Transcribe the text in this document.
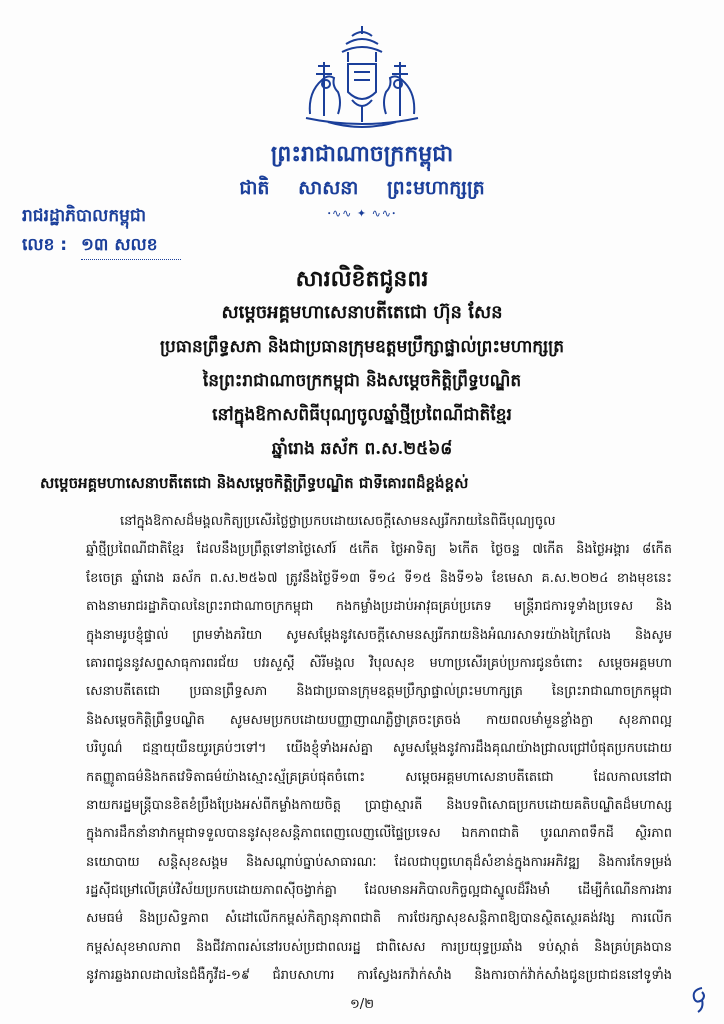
ព្រះរាជាណាចក្រកម្ពុជា
ជាតិ សាសនា ព្រះមហាក្សត្រ
ꞏ∿∿ ✦ ∿∿ꞏ
រាជរដ្ឋាភិបាលកម្ពុជា
លេខ : ១៣ សលខ
សារលិខិតជូនពរ
សម្តេចអគ្គមហាសេនាបតីតេជោ ហ៊ុន សែន
ប្រធានព្រឹទ្ធសភា និងជាប្រធានក្រុមឧត្តមប្រឹក្សាផ្ទាល់ព្រះមហាក្សត្រ
នៃព្រះរាជាណាចក្រកម្ពុជា និងសម្តេចកិត្តិព្រឹទ្ធបណ្ឌិត
នៅក្នុងឱកាសពិធីបុណ្យចូលឆ្នាំថ្មីប្រពៃណីជាតិខ្មែរ
ឆ្នាំរោង ឆស័ក ព.ស.២៥៦៨
សម្តេចអគ្គមហាសេនាបតីតេជោ និងសម្តេចកិត្តិព្រឹទ្ធបណ្ឌិត ជាទីគោរពដ៏ខ្ពង់ខ្ពស់
នៅក្នុងឱកាសដ៏មង្គលកិត្យប្រសើរថ្លៃថ្លាប្រកបដោយសេចក្តីសោមនស្សរីករាយនៃពិធីបុណ្យចូល
ឆ្នាំថ្មីប្រពៃណីជាតិខ្មែរ ដែលនឹងប្រព្រឹត្តទៅនាថ្ងៃសៅរ៍ ៥កើត ថ្ងៃអាទិត្យ ៦កើត ថ្ងៃចន្ទ ៧កើត និងថ្ងៃអង្គារ ៨កើត
ខែចេត្រ ឆ្នាំរោង ឆស័ក ព.ស.២៥៦៧ ត្រូវនឹងថ្ងៃទី១៣ ទី១៤ ទី១៥ និងទី១៦ ខែមេសា គ.ស.២០២៤ ខាងមុខនេះ
តាងនាមរាជរដ្ឋាភិបាលនៃព្រះរាជាណាចក្រកម្ពុជា កងកម្លាំងប្រដាប់អាវុធគ្រប់ប្រភេទ មន្ត្រីរាជការទូទាំងប្រទេស និង
ក្នុងនាមរូបខ្ញុំផ្ទាល់ ព្រមទាំងភរិយា សូមសម្តែងនូវសេចក្តីសោមនស្សរីករាយនិងអំណរសាទរយ៉ាងក្រៃលែង និងសូម
គោរពជូននូវសព្ទសាធុការពរជ័យ បវរសួស្តី សិរីមង្គល វិបុលសុខ មហាប្រសើរគ្រប់ប្រការជូនចំពោះ សម្តេចអគ្គមហា
សេនាបតីតេជោ ប្រធានព្រឹទ្ធសភា និងជាប្រធានក្រុមឧត្តមប្រឹក្សាផ្ទាល់ព្រះមហាក្សត្រ នៃព្រះរាជាណាចក្រកម្ពុជា
និងសម្តេចកិត្តិព្រឹទ្ធបណ្ឌិត សូមសមប្រកបដោយបញ្ញាញាណភ្លឺថ្លាត្រចះត្រចង់ កាយពលមាំមួនខ្លាំងក្លា សុខភាពល្អ
បរិបូណ៌ ជន្មាយុយឺនយូរគ្រប់ៗទៅ។ យើងខ្ញុំទាំងអស់គ្នា សូមសម្តែងនូវការដឹងគុណយ៉ាងជ្រាលជ្រៅបំផុតប្រកបដោយ
កតញ្ញូតាធម៌និងកតវេទិតាធម៌យ៉ាងស្មោះស្ម័គ្រ​គ្រប់ផុតចំពោះ សម្តេចអគ្គមហាសេនាបតីតេជោ ដែលកាលនៅជា
នាយករដ្ឋមន្ត្រីបានខិតខំប្រឹងប្រែងអស់ពីកម្លាំងកាយចិត្ត ប្រាជ្ញាស្មារតី និងបទពិសោធប្រកបដោយគតិបណ្ឌិតដ៏មហាស្ស
ក្នុងការដឹកនាំនាវាកម្ពុជាទទួលបាននូវសុខសន្តិភាពពេញលេញលើផ្ទៃប្រទេស ឯកភាពជាតិ បូរណភាពទឹកដី ស្ថិរភាព
នយោបាយ សន្តិសុខសង្គម និងសណ្តាប់ធ្នាប់សាធារណៈ ដែលជាបុព្វហេតុដ៏សំខាន់ក្នុងការអភិវឌ្ឍ និងការកែទម្រង់
រដ្ឋស៊ីជម្រៅលើគ្រប់វិស័យប្រកបដោយភាពស៊ីចង្វាក់គ្នា ដែលមានអភិបាលកិច្ចល្អជាស្នូលដ៏រឹងមាំ ដើម្បីកំណើនការងារ
សមធម៌ និងប្រសិទ្ធភាព សំដៅលើកកម្ពស់កិត្យានុភាពជាតិ ការថែរក្សាសុខសន្តិភាពឱ្យបានស្ថិតស្ថេរគង់វង្ស ការលើក
កម្ពស់សុខមាលភាព និងជីវភាពរស់នៅរបស់ប្រជាពលរដ្ឋ ជាពិសេស ការប្រយុទ្ធប្រឆាំង ទប់ស្កាត់ និងគ្រប់គ្រងបាន
នូវការឆ្លងរាលដាលនៃជំងឺកូវីដ-១៩ ជំរាបសាហារ ការស្វែងរកវ៉ាក់សាំង និងការចាក់វ៉ាក់សាំងជូនប្រជាជននៅទូទាំង
១/២
